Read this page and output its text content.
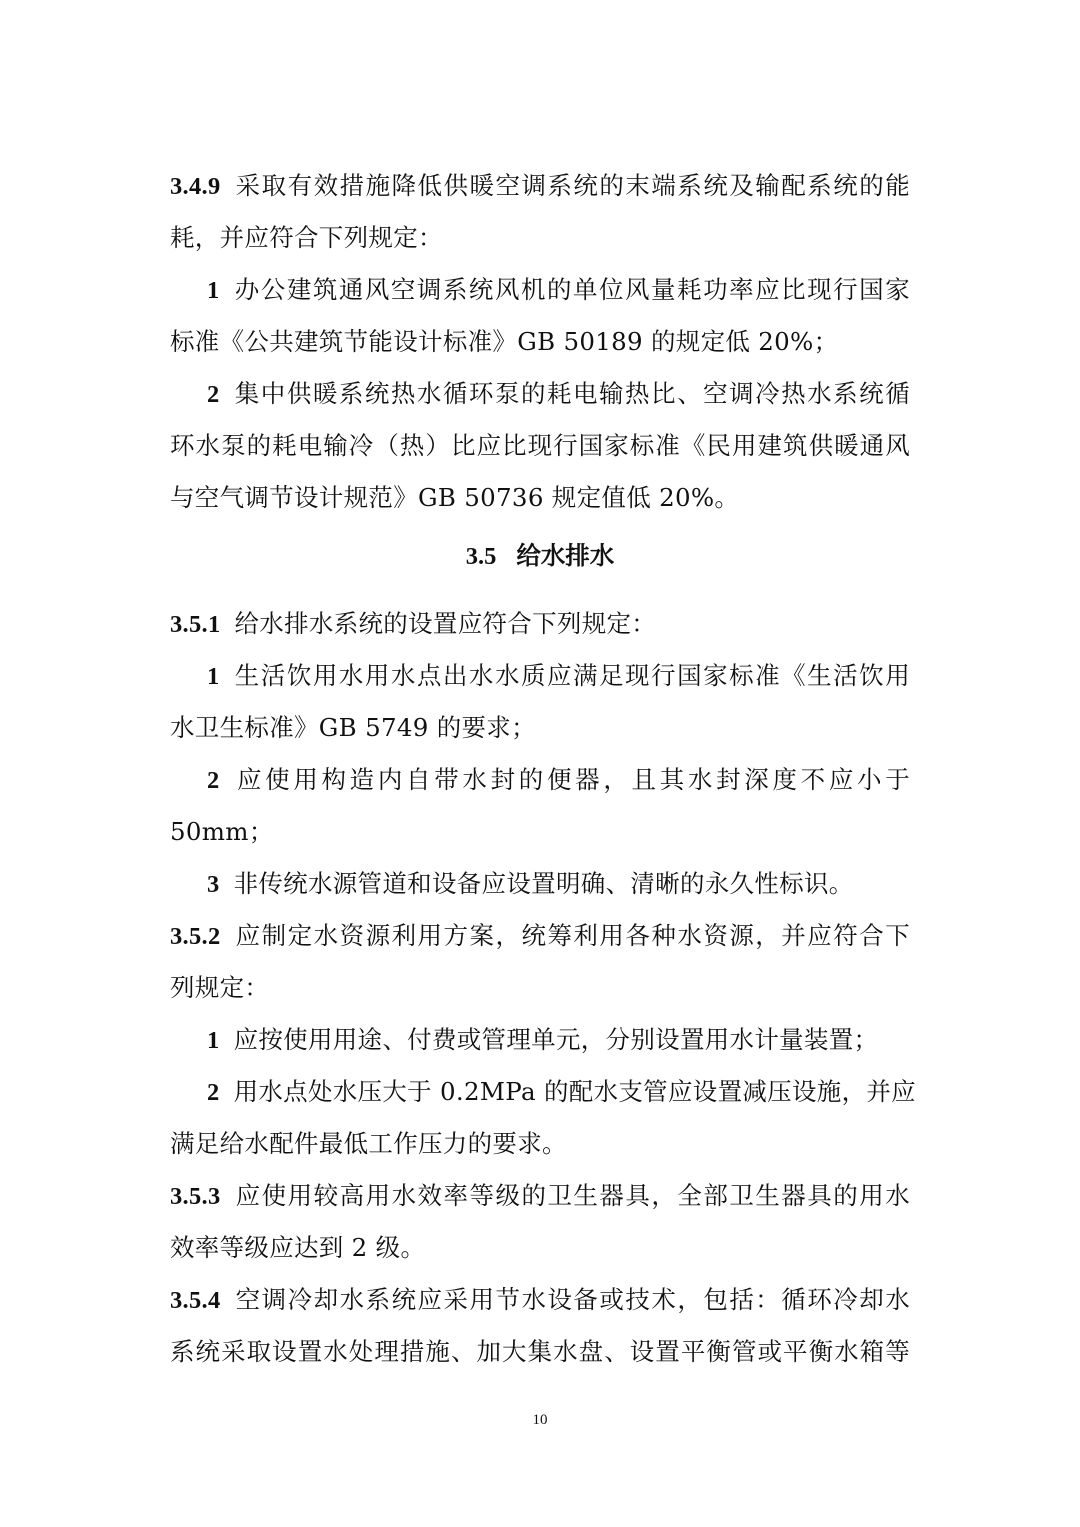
3.4.9 采取有效措施降低供暖空调系统的末端系统及输配系统的能
耗，并应符合下列规定：
1 办公建筑通风空调系统风机的单位风量耗功率应比现行国家
标准《公共建筑节能设计标准》GB 50189 的规定低 20%；
2 集中供暖系统热水循环泵的耗电输热比、空调冷热水系统循
环水泵的耗电输冷（热）比应比现行国家标准《民用建筑供暖通风
与空气调节设计规范》GB 50736 规定值低 20%。
3.5 给水排水
3.5.1 给水排水系统的设置应符合下列规定：
1 生活饮用水用水点出水水质应满足现行国家标准《生活饮用
水卫生标准》GB 5749 的要求；
2 应使用构造内自带水封的便器，且其水封深度不应小于
50mm；
3 非传统水源管道和设备应设置明确、清晰的永久性标识。
3.5.2 应制定水资源利用方案，统筹利用各种水资源，并应符合下
列规定：
1 应按使用用途、付费或管理单元，分别设置用水计量装置；
2 用水点处水压大于 0.2MPa 的配水支管应设置减压设施，并应
满足给水配件最低工作压力的要求。
3.5.3 应使用较高用水效率等级的卫生器具，全部卫生器具的用水
效率等级应达到 2 级。
3.5.4 空调冷却水系统应采用节水设备或技术，包括：循环冷却水
系统采取设置水处理措施、加大集水盘、设置平衡管或平衡水箱等
10
